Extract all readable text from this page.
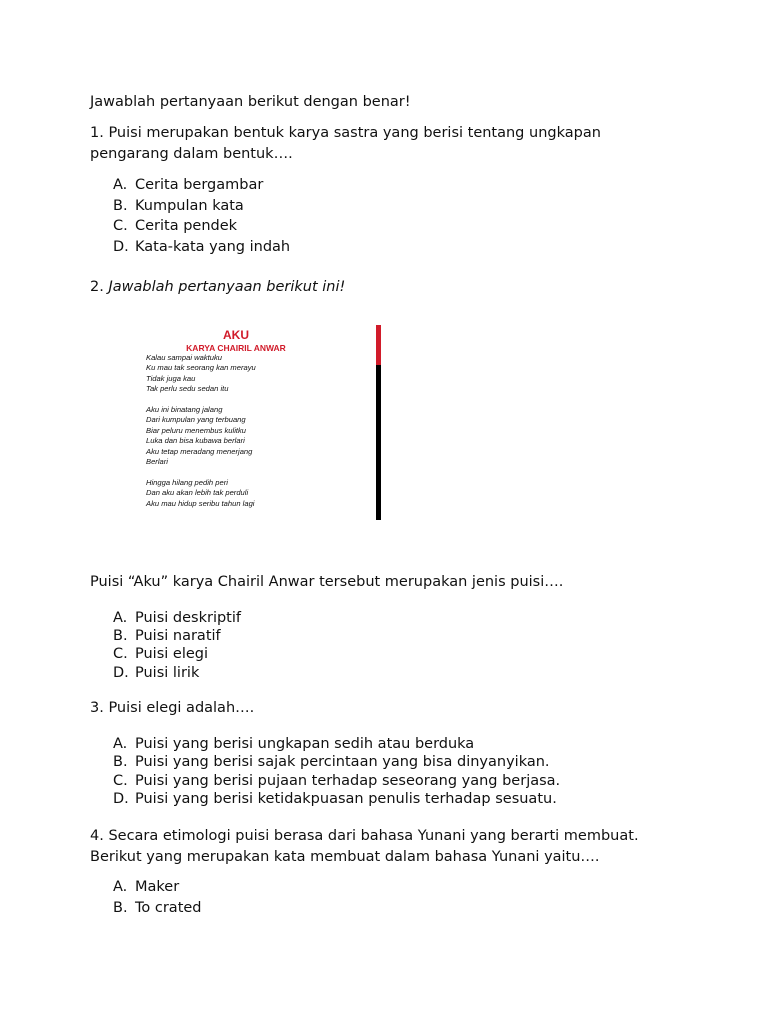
Jawablah pertanyaan berikut dengan benar!
1. Puisi merupakan bentuk karya sastra yang berisi tentang ungkapan
pengarang dalam bentuk….
A. Cerita bergambar
B. Kumpulan kata
C. Cerita pendek
D. Kata-kata yang indah
2. Jawablah pertanyaan berikut ini!
AKU
KARYA CHAIRIL ANWAR
Kalau sampai waktuku
Ku mau tak seorang kan merayu
Tidak juga kau
Tak perlu sedu sedan itu
Aku ini binatang jalang
Dari kumpulan yang terbuang
Biar peluru menembus kulitku
Luka dan bisa kubawa berlari
Aku tetap meradang menerjang
Berlari
Hingga hilang pedih peri
Dan aku akan lebih tak perduli
Aku mau hidup seribu tahun lagi
Puisi “Aku” karya Chairil Anwar tersebut merupakan jenis puisi….
A. Puisi deskriptif
B. Puisi naratif
C. Puisi elegi
D. Puisi lirik
3. Puisi elegi adalah….
A. Puisi yang berisi ungkapan sedih atau berduka
B. Puisi yang berisi sajak percintaan yang bisa dinyanyikan.
C. Puisi yang berisi pujaan terhadap seseorang yang berjasa.
D. Puisi yang berisi ketidakpuasan penulis terhadap sesuatu.
4. Secara etimologi puisi berasa dari bahasa Yunani yang berarti membuat.
Berikut yang merupakan kata membuat dalam bahasa Yunani yaitu….
A. Maker
B. To crated
